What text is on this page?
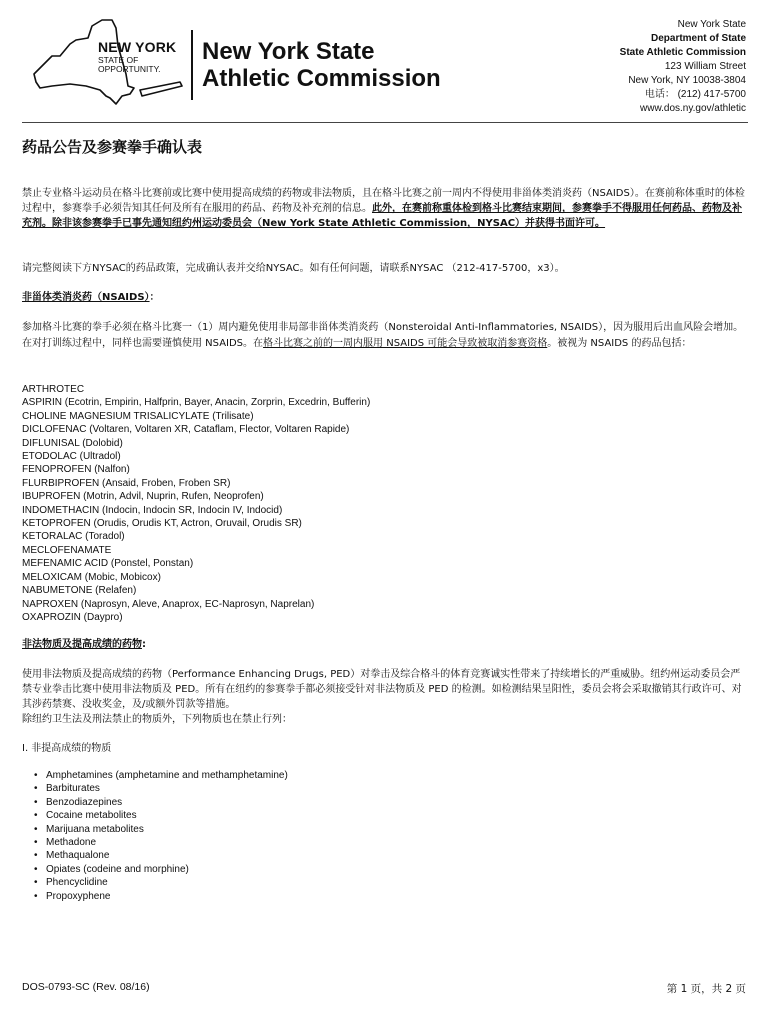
NEW YORK
STATE OF
OPPORTUNITY.
New York State
Athletic Commission
New York State
Department of State
State Athletic Commission
123 William Street
New York, NY 10038-3804
电话： (212) 417-5700
www.dos.ny.gov/athletic
药品公告及参赛拳手确认表
禁止专业格斗运动员在格斗比赛前或比赛中使用提高成绩的药物或非法物质，且在格斗比赛之前一周内不得使用非甾体类消炎药（NSAIDS）。在赛前称体重时的体检过程中，参赛拳手必须告知其任何及所有在服用的药品、药物及补充剂的信息。此外，在赛前称重体检到格斗比赛结束期间，参赛拳手不得服用任何药品、药物及补充剂。除非该参赛拳手已事先通知纽约州运动委员会（New York State Athletic Commission，NYSAC）并获得书面许可。
请完整阅读下方NYSAC的药品政策，完成确认表并交给NYSAC。如有任何问题，请联系NYSAC （212-417-5700，x3）。
非甾体类消炎药（NSAIDS）：
参加格斗比赛的拳手必须在格斗比赛一（1）周内避免使用非局部非甾体类消炎药（Nonsteroidal Anti-Inflammatories, NSAIDS），因为服用后出血风险会增加。在对打训练过程中，同样也需要谨慎使用 NSAIDS。在格斗比赛之前的一周内服用 NSAIDS 可能会导致被取消参赛资格。被视为 NSAIDS 的药品包括：
ARTHROTEC
ASPIRIN (Ecotrin, Empirin, Halfprin, Bayer, Anacin, Zorprin, Excedrin, Bufferin)
CHOLINE MAGNESIUM TRISALICYLATE (Trilisate)
DICLOFENAC (Voltaren, Voltaren XR, Cataflam, Flector, Voltaren Rapide)
DIFLUNISAL (Dolobid)
ETODOLAC (Ultradol)
FENOPROFEN (Nalfon)
FLURBIPROFEN (Ansaid, Froben, Froben SR)
IBUPROFEN (Motrin, Advil, Nuprin, Rufen, Neoprofen)
INDOMETHACIN (Indocin, Indocin SR, Indocin IV, Indocid)
KETOPROFEN (Orudis, Orudis KT, Actron, Oruvail, Orudis SR)
KETORALAC (Toradol)
MECLOFENAMATE
MEFENAMIC ACID (Ponstel, Ponstan)
MELOXICAM (Mobic, Mobicox)
NABUMETONE (Relafen)
NAPROXEN (Naprosyn, Aleve, Anaprox, EC-Naprosyn, Naprelan)
OXAPROZIN (Daypro)
非法物质及提高成绩的药物:
使用非法物质及提高成绩的药物（Performance Enhancing Drugs, PED）对拳击及综合格斗的体育竞赛诚实性带来了持续增长的严重威胁。纽约州运动委员会严禁专业拳击比赛中使用非法物质及 PED。所有在纽约的参赛拳手都必须接受针对非法物质及 PED 的检测。如检测结果呈阳性，委员会将会采取撤销其行政许可、对其涉药禁赛、没收奖金，及/或额外罚款等措施。
除纽约卫生法及刑法禁止的物质外，下列物质也在禁止行列：
I. 非提高成绩的物质
• Amphetamines (amphetamine and methamphetamine)
• Barbiturates
• Benzodiazepines
• Cocaine metabolites
• Marijuana metabolites
• Methadone
• Methaqualone
• Opiates (codeine and morphine)
• Phencyclidine
• Propoxyphene
DOS-0793-SC (Rev. 08/16)	第 1 页，共 2 页
